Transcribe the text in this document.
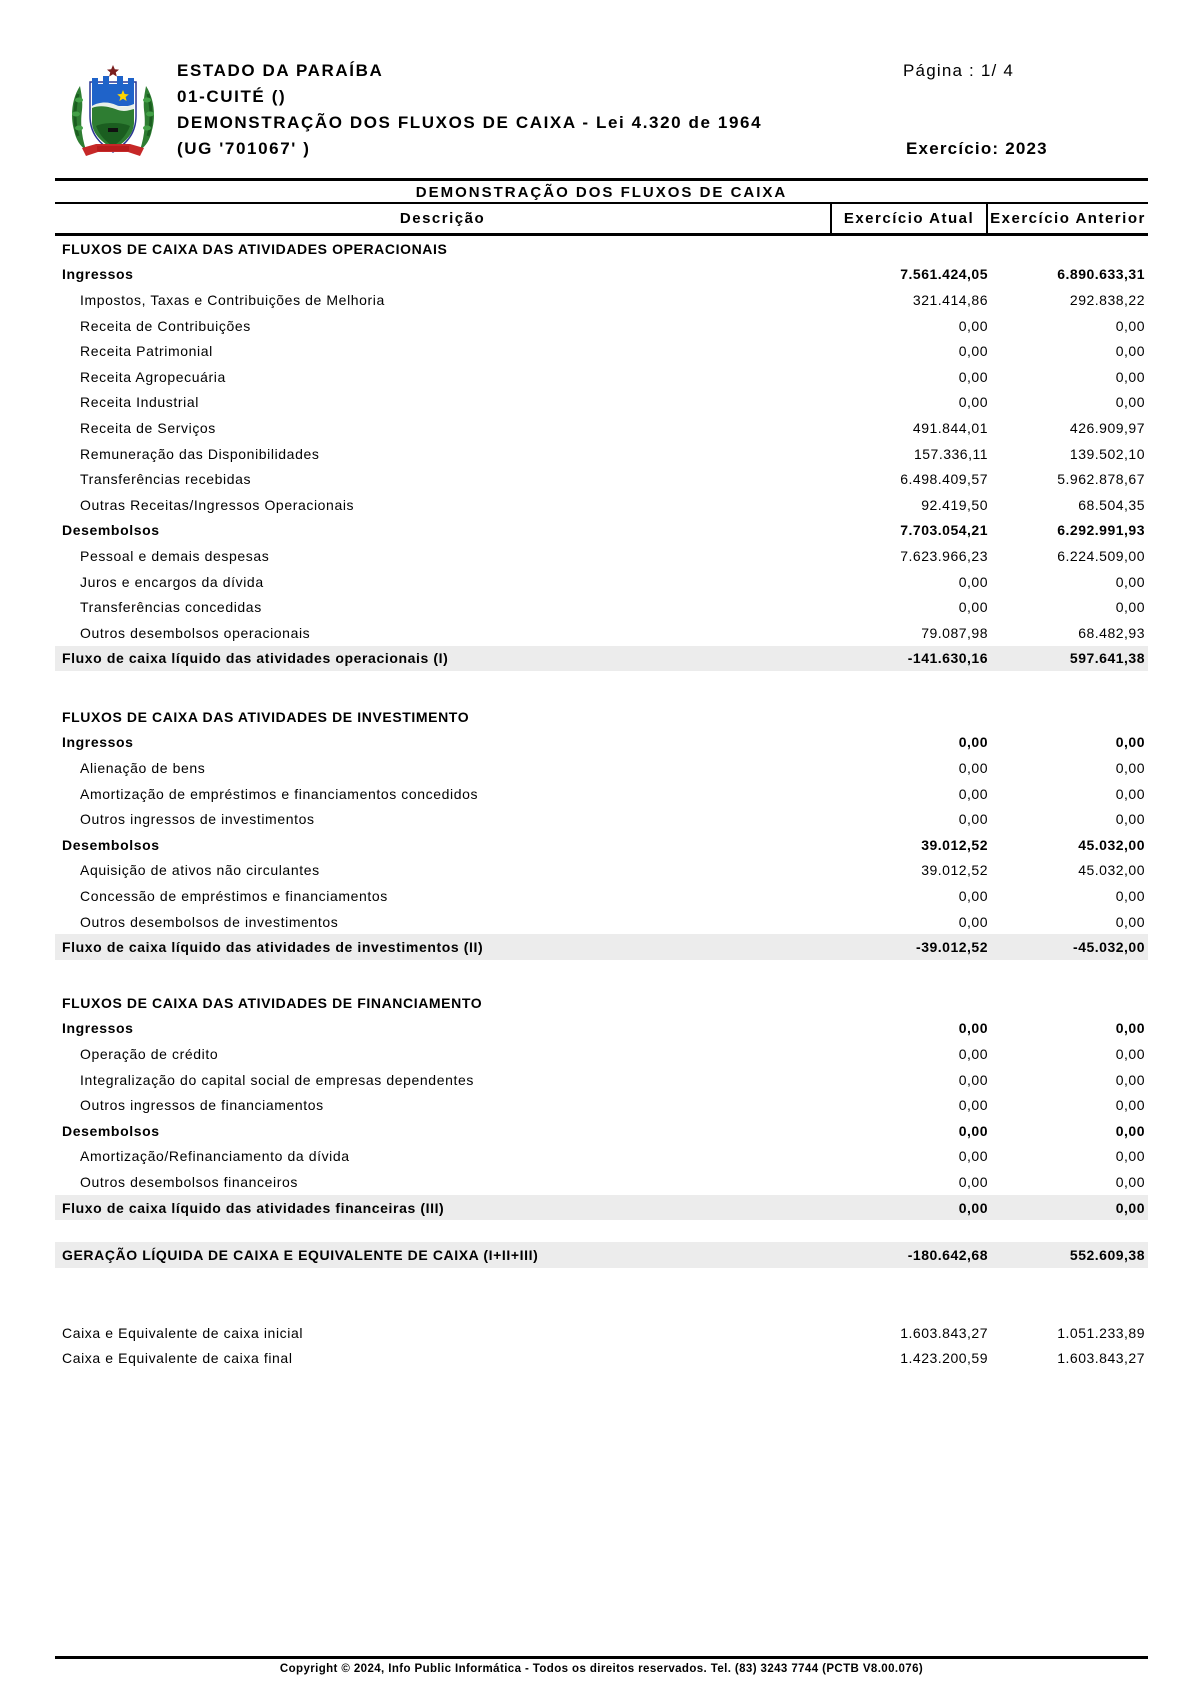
ESTADO DA PARAÍBA
01-CUITÉ ()
DEMONSTRAÇÃO DOS FLUXOS DE CAIXA - Lei 4.320 de 1964
(UG '701067' )
Página : 1/ 4
Exercício: 2023
DEMONSTRAÇÃO DOS FLUXOS DE CAIXA
Descrição	Exercício Atual	Exercício Anterior
FLUXOS DE CAIXA DAS ATIVIDADES OPERACIONAIS
Ingressos	7.561.424,05	6.890.633,31
Impostos, Taxas e Contribuições de Melhoria	321.414,86	292.838,22
Receita de Contribuições	0,00	0,00
Receita Patrimonial	0,00	0,00
Receita Agropecuária	0,00	0,00
Receita Industrial	0,00	0,00
Receita de Serviços	491.844,01	426.909,97
Remuneração das Disponibilidades	157.336,11	139.502,10
Transferências recebidas	6.498.409,57	5.962.878,67
Outras Receitas/Ingressos Operacionais	92.419,50	68.504,35
Desembolsos	7.703.054,21	6.292.991,93
Pessoal e demais despesas	7.623.966,23	6.224.509,00
Juros e encargos da dívida	0,00	0,00
Transferências concedidas	0,00	0,00
Outros desembolsos operacionais	79.087,98	68.482,93
Fluxo de caixa líquido das atividades operacionais (I)	-141.630,16	597.641,38
FLUXOS DE CAIXA DAS ATIVIDADES DE INVESTIMENTO
Ingressos	0,00	0,00
Alienação de bens	0,00	0,00
Amortização de empréstimos e financiamentos concedidos	0,00	0,00
Outros ingressos de investimentos	0,00	0,00
Desembolsos	39.012,52	45.032,00
Aquisição de ativos não circulantes	39.012,52	45.032,00
Concessão de empréstimos e financiamentos	0,00	0,00
Outros desembolsos de investimentos	0,00	0,00
Fluxo de caixa líquido das atividades de investimentos (II)	-39.012,52	-45.032,00
FLUXOS DE CAIXA DAS ATIVIDADES DE FINANCIAMENTO
Ingressos	0,00	0,00
Operação de crédito	0,00	0,00
Integralização do capital social de empresas dependentes	0,00	0,00
Outros ingressos de financiamentos	0,00	0,00
Desembolsos	0,00	0,00
Amortização/Refinanciamento da dívida	0,00	0,00
Outros desembolsos financeiros	0,00	0,00
Fluxo de caixa líquido das atividades financeiras (III)	0,00	0,00
GERAÇÃO LÍQUIDA DE CAIXA E EQUIVALENTE DE CAIXA (I+II+III)	-180.642,68	552.609,38
Caixa e Equivalente de caixa inicial	1.603.843,27	1.051.233,89
Caixa e Equivalente de caixa final	1.423.200,59	1.603.843,27
Copyright © 2024, Info Public Informática - Todos os direitos reservados. Tel. (83) 3243 7744 (PCTB V8.00.076)
